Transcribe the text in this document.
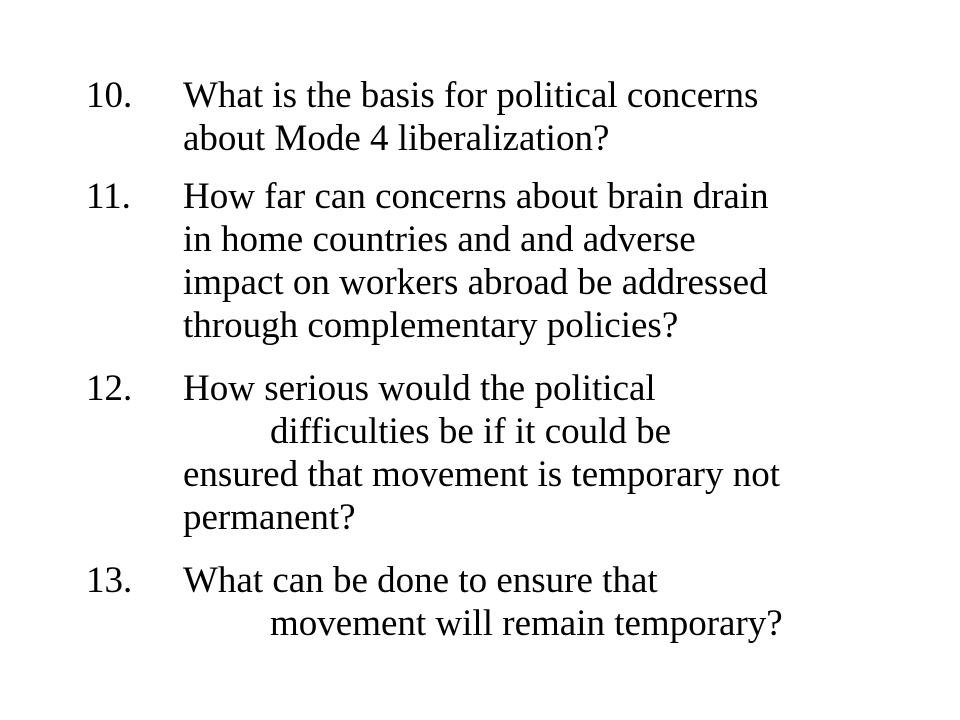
10. What is the basis for political concerns
about Mode 4 liberalization?
11. How far can concerns about brain drain
in home countries and and adverse
impact on workers abroad be addressed
through complementary policies?
12. How serious would the political
difficulties be if it could be
ensured that movement is temporary not
permanent?
13. What can be done to ensure that
movement will remain temporary?
